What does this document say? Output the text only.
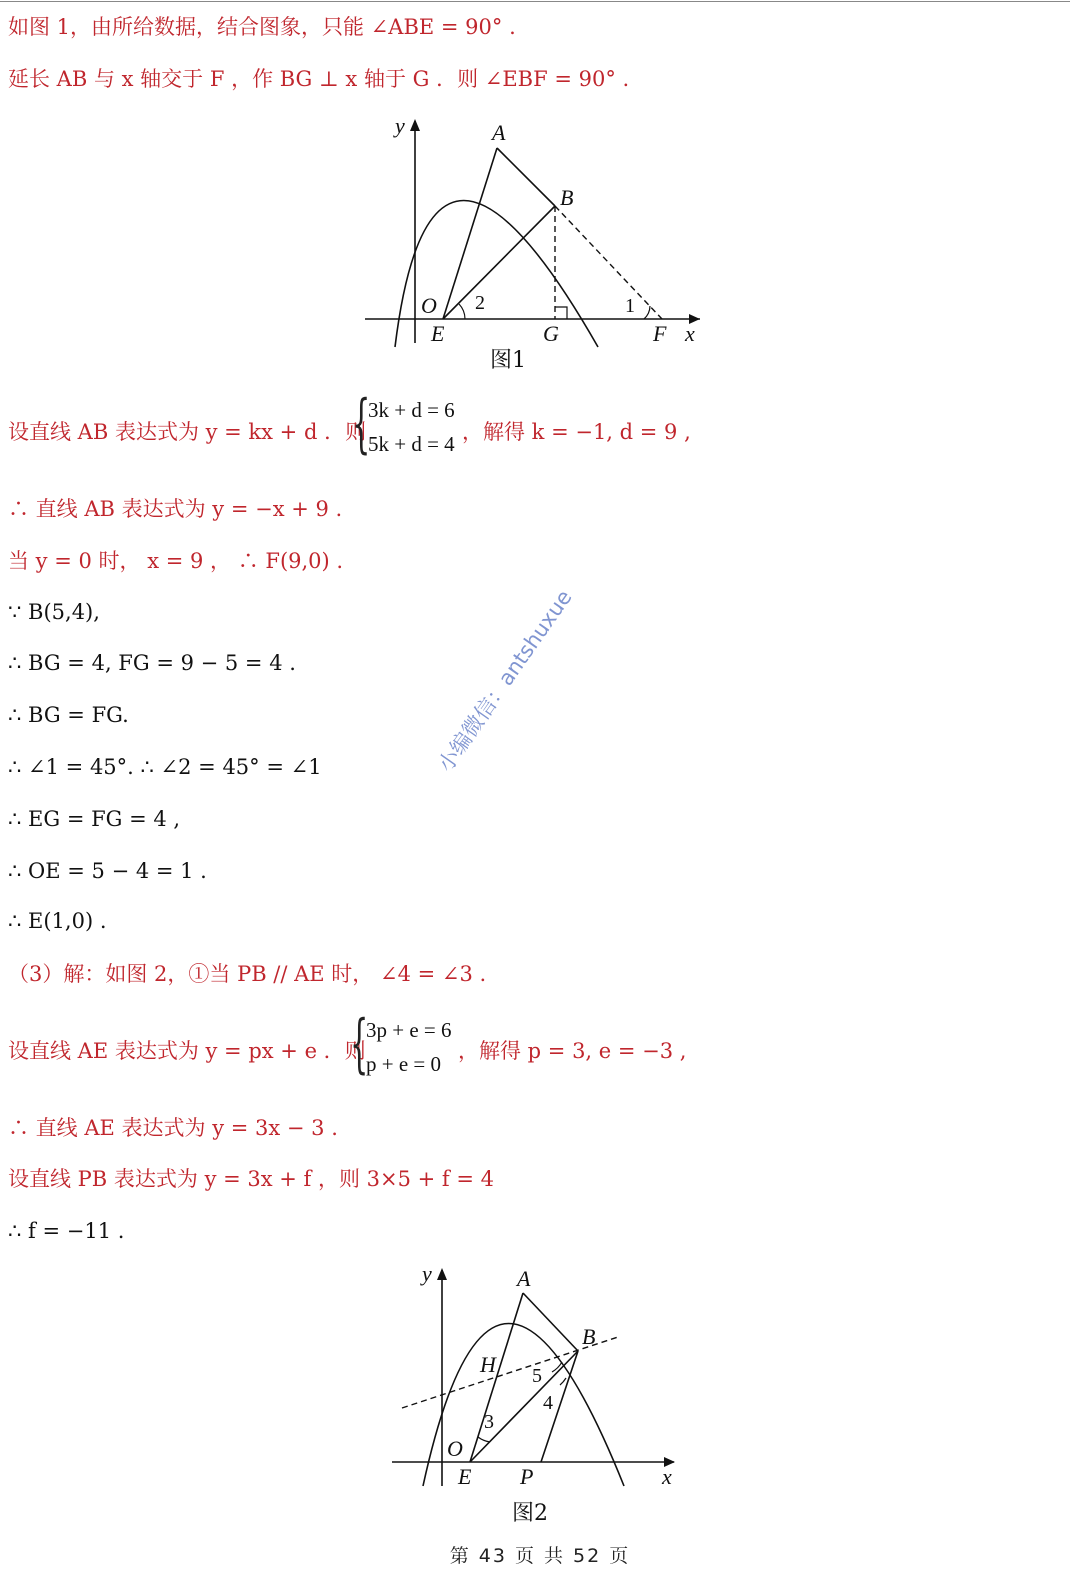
如图 1，由所给数据，结合图象，只能 ∠ABE = 90° .
延长 AB 与 x 轴交于 F ，作 BG ⊥ x 轴于 G ．则 ∠EBF = 90° .
y
x
A
B
O
E	G	F
2	1
图1
设直线 AB 表达式为 y = kx + d ．则
{
3k + d = 6
5k + d = 4 ，解得 k = −1, d = 9 ,
∴ 直线 AB 表达式为 y = −x + 9 .
当 y = 0 时， x = 9 ， ∴ F(9,0) .
∵ B(5,4),
∴ BG = 4, FG = 9 − 5 = 4 .
∴ BG = FG.
∴ ∠1 = 45°. ∴ ∠2 = 45° = ∠1
∴ EG = FG = 4 ,
∴ OE = 5 − 4 = 1 .
∴ E(1,0) .
（3）解：如图 2，①当 PB // AE 时， ∠4 = ∠3 .
设直线 AE 表达式为 y = px + e ．则
{
3p + e = 6
p + e = 0
，解得 p = 3, e = −3 ,
∴ 直线 AE 表达式为 y = 3x − 3 .
设直线 PB 表达式为 y = 3x + f ，则 3×5 + f = 4
∴ f = −11 .
y
x
A
B
H
O
E P
3
4
5
图2
小编微信：antshuxue
第 43 页 共 52 页
